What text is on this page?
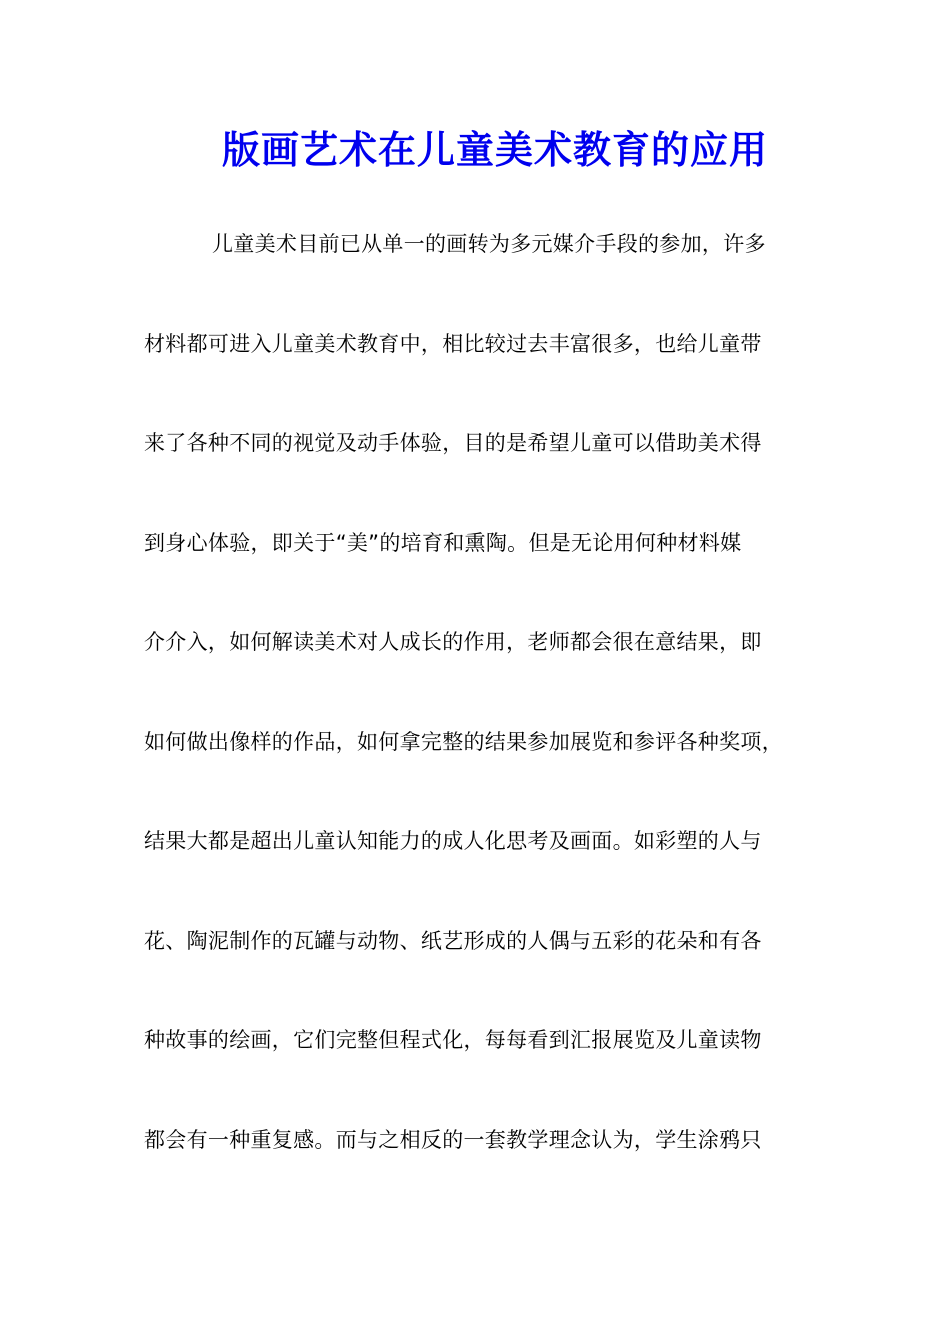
版画艺术在儿童美术教育的应用
儿童美术目前已从单一的画转为多元媒介手段的参加，许多
材料都可进入儿童美术教育中，相比较过去丰富很多，也给儿童带
来了各种不同的视觉及动手体验，目的是希望儿童可以借助美术得
到身心体验，即关于“美”的培育和熏陶。但是无论用何种材料媒
介介入，如何解读美术对人成长的作用，老师都会很在意结果，即
如何做出像样的作品，如何拿完整的结果参加展览和参评各种奖项，
结果大都是超出儿童认知能力的成人化思考及画面。如彩塑的人与
花、陶泥制作的瓦罐与动物、纸艺形成的人偶与五彩的花朵和有各
种故事的绘画，它们完整但程式化，每每看到汇报展览及儿童读物
都会有一种重复感。而与之相反的一套教学理念认为，学生涂鸦只
